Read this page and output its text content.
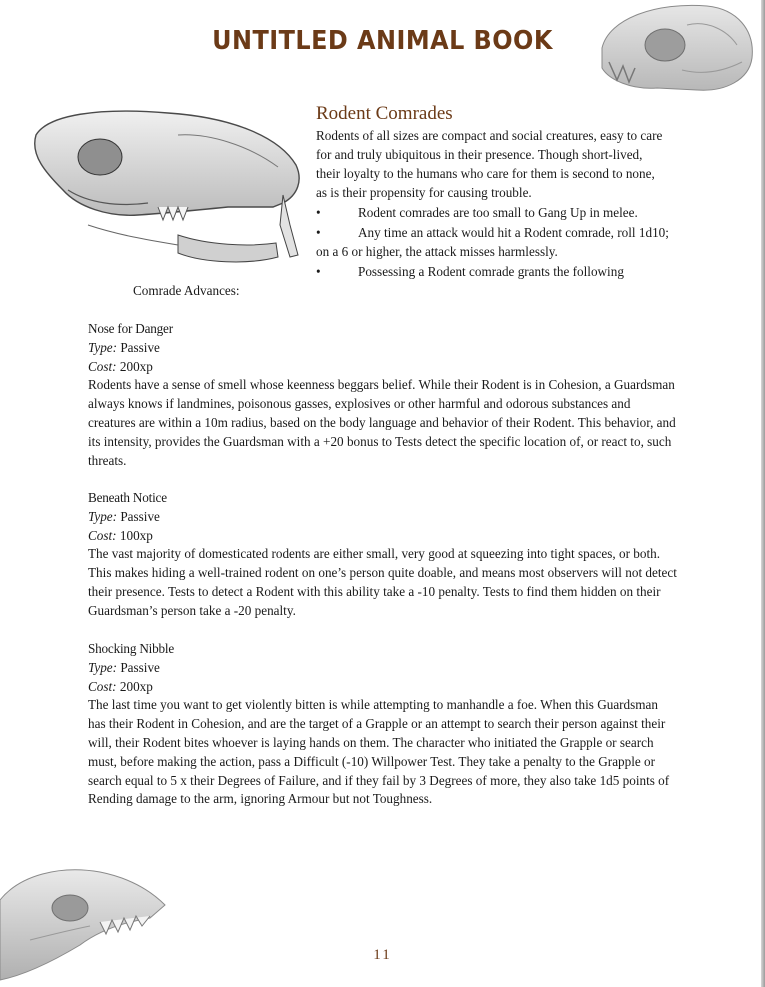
UNTITLED ANIMAL BOOK
Rodent Comrades
Rodents of all sizes are compact and social creatures, easy to care for and truly ubiquitous in their presence. Though short-lived, their loyalty to the humans who care for them is second to none, as is their propensity for causing trouble.
•	Rodent comrades are too small to Gang Up in melee.
•	Any time an attack would hit a Rodent comrade, roll 1d10; on a 6 or higher, the attack misses harmlessly.
•	Possessing a Rodent comrade grants the following
Comrade Advances:
Nose for Danger
Type: Passive
Cost: 200xp
Rodents have a sense of smell whose keenness beggars belief. While their Rodent is in Cohesion, a Guardsman always knows if landmines, poisonous gasses, explosives or other harmful and odorous substances and creatures are within a 10m radius, based on the body language and behavior of their Rodent. This behavior, and its intensity, provides the Guardsman with a +20 bonus to Tests detect the specific location of, or react to, such threats.
Beneath Notice
Type: Passive
Cost: 100xp
The vast majority of domesticated rodents are either small, very good at squeezing into tight spaces, or both. This makes hiding a well-trained rodent on one’s person quite doable, and means most observers will not detect their presence. Tests to detect a Rodent with this ability take a -10 penalty. Tests to find them hidden on their Guardsman’s person take a -20 penalty.
Shocking Nibble
Type: Passive
Cost: 200xp
The last time you want to get violently bitten is while attempting to manhandle a foe. When this Guardsman has their Rodent in Cohesion, and are the target of a Grapple or an attempt to search their person against their will, their Rodent bites whoever is laying hands on them. The character who initiated the Grapple or search must, before making the action, pass a Difficult (-10) Willpower Test. They take a penalty to the Grapple or search equal to 5 x their Degrees of Failure, and if they fail by 3 Degrees of more, they also take 1d5 points of Rending damage to the arm, ignoring Armour but not Toughness.
11
